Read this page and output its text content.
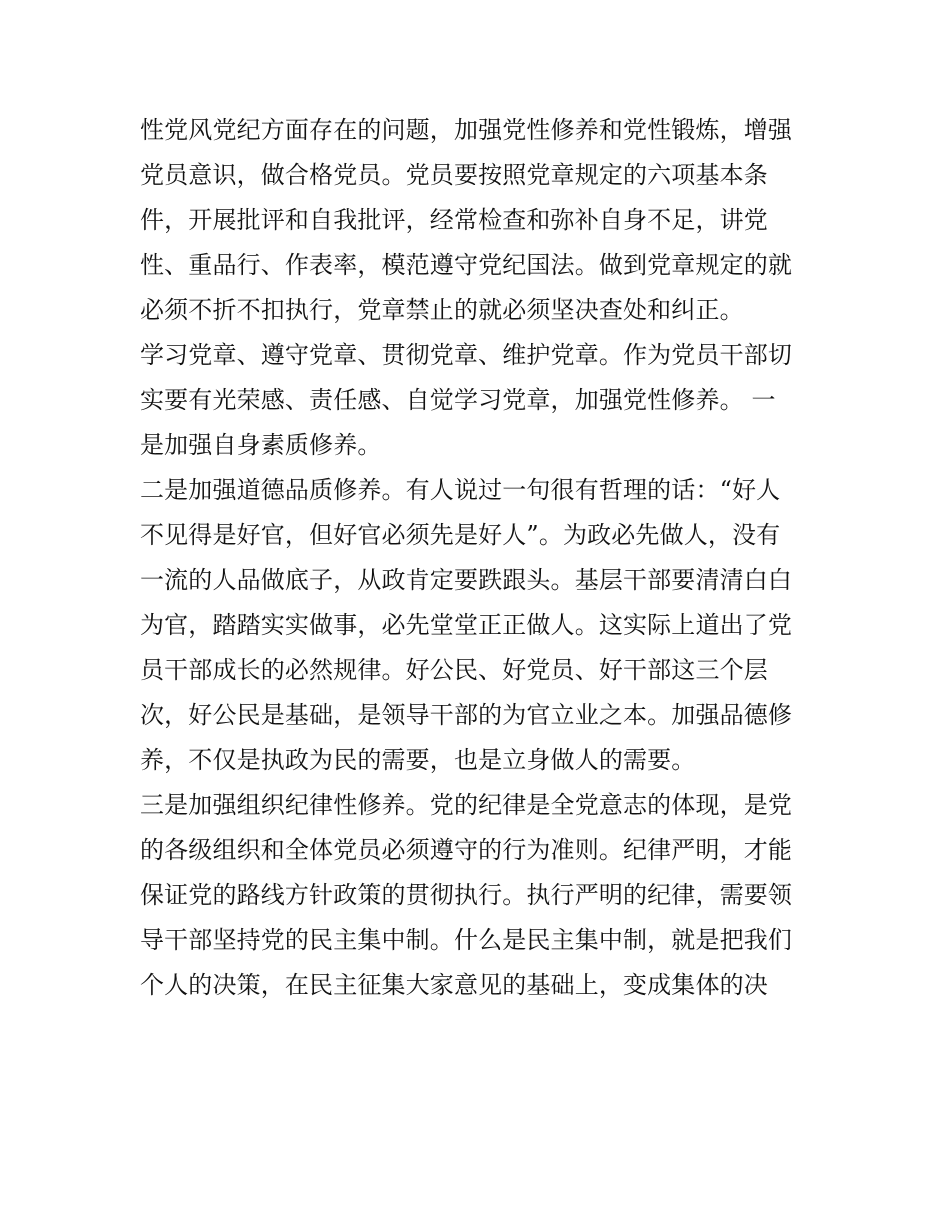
性党风党纪方面存在的问题，加强党性修养和党性锻炼，增强
党员意识，做合格党员。党员要按照党章规定的六项基本条
件，开展批评和自我批评，经常检查和弥补自身不足，讲党
性、重品行、作表率，模范遵守党纪国法。做到党章规定的就
必须不折不扣执行，党章禁止的就必须坚决查处和纠正。

学习党章、遵守党章、贯彻党章、维护党章。作为党员干部切
实要有光荣感、责任感、自觉学习党章，加强党性修养。 一
是加强自身素质修养。

二是加强道德品质修养。有人说过一句很有哲理的话：“好人
不见得是好官，但好官必须先是好人”。为政必先做人，没有
一流的人品做底子，从政肯定要跌跟头。基层干部要清清白白
为官，踏踏实实做事，必先堂堂正正做人。这实际上道出了党
员干部成长的必然规律。好公民、好党员、好干部这三个层
次，好公民是基础，是领导干部的为官立业之本。加强品德修
养，不仅是执政为民的需要，也是立身做人的需要。

三是加强组织纪律性修养。党的纪律是全党意志的体现，是党
的各级组织和全体党员必须遵守的行为准则。纪律严明，才能
保证党的路线方针政策的贯彻执行。执行严明的纪律，需要领
导干部坚持党的民主集中制。什么是民主集中制，就是把我们
个人的决策，在民主征集大家意见的基础上，变成集体的决
